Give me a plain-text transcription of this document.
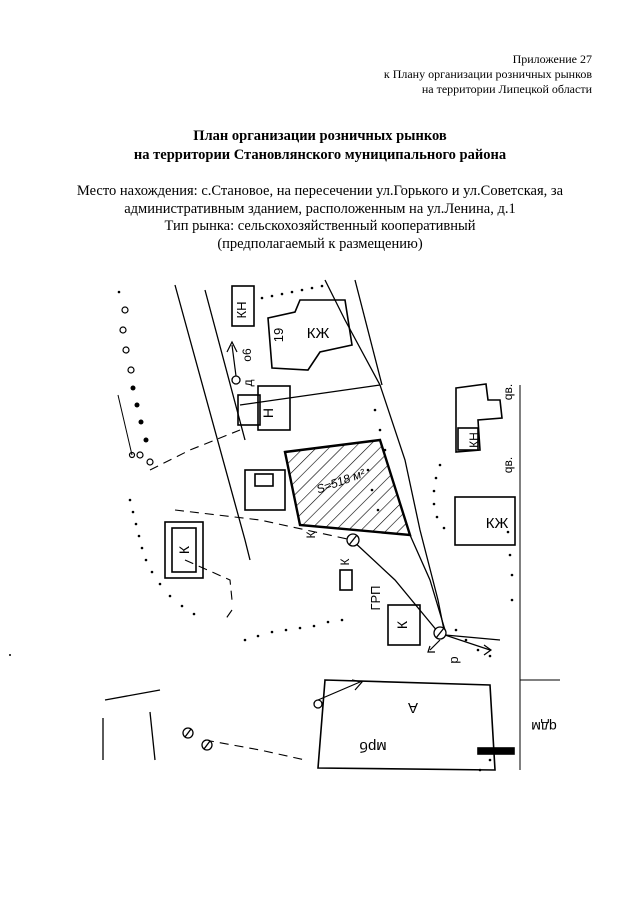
Приложение 27
к Плану организации розничных рынков
на территории Липецкой области
План организации розничных рынков
на территории Становлянского муниципального района
Место нахождения: с.Становое, на пересечении ул.Горького и ул.Советская, за
административным зданием, расположенным на ул.Ленина, д.1
Тип рынка: сельскохозяйственный кооперативный
(предполагаемый к размещению)
КН
КЖ
19
о6
д
Н
S=518 м²
К
К
ГРП
К
К
р
qв.
КН
qв.
КЖ
А
мрб
qдм
